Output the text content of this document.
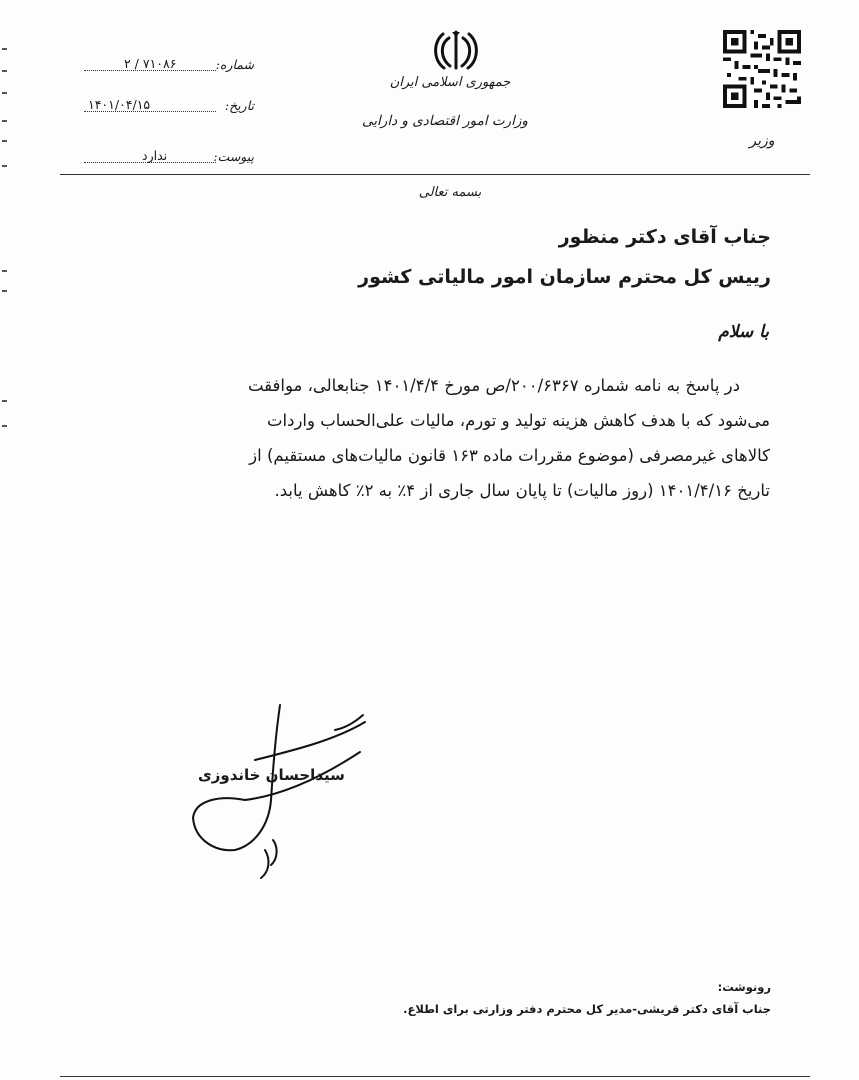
وزیر
جمهوری اسلامی ایران
وزارت امور اقتصادی و دارایی
شماره:
۲ / ۷۱۰۸۶
تاریخ:
۱۴۰۱/۰۴/۱۵
پیوست:
ندارد
بسمه تعالی
جناب آقای دکتر منظور
رییس کل محترم سازمان امور مالیاتی کشور
با سلام
در پاسخ به نامه شماره ۲۰۰/۶۳۶۷/ص مورخ ۱۴۰۱/۴/۴ جنابعالی، موافقت
می‌شود که با هدف کاهش هزینه تولید و تورم، مالیات علی‌الحساب واردات
کالاهای غیرمصرفی (موضوع مقررات ماده ۱۶۳ قانون مالیات‌های مستقیم) از
تاریخ ۱۴۰۱/۴/۱۶ (روز مالیات) تا پایان سال جاری از ۴٪ به ۲٪ کاهش یابد.
سیداحسان خاندوزی
رونوشت:
جناب آقای دکتر قریشی-مدیر کل محترم دفتر وزارتی برای اطلاع.
